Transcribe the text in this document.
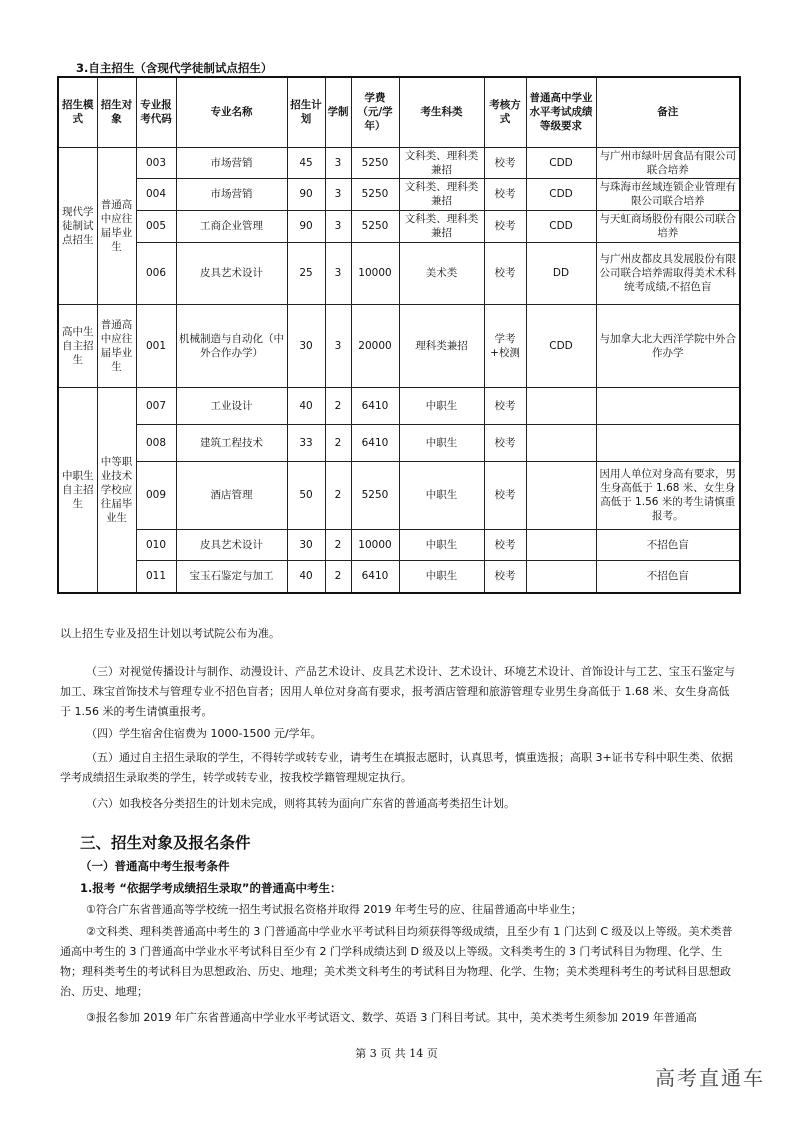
3.自主招生（含现代学徒制试点招生）
招生模式	招生对象	专业报考代码	专业名称	招生计划	学制	学费（元/学年）	考生科类	考核方式	普通高中学业水平考试成绩等级要求	备注
现代学徒制试点招生	普通高中应往届毕业生	003	市场营销	45	3	5250	文科类、理科类兼招	校考	CDD	与广州市绿叶居食品有限公司联合培养
		004	市场营销	90	3	5250	文科类、理科类兼招	校考	CDD	与珠海市丝域连锁企业管理有限公司联合培养
		005	工商企业管理	90	3	5250	文科类、理科类兼招	校考	CDD	与天虹商场股份有限公司联合培养
		006	皮具艺术设计	25	3	10000	美术类	校考	DD	与广州皮都皮具发展股份有限公司联合培养需取得美术术科统考成绩,不招色盲
高中生自主招生	普通高中应往届毕业生	001	机械制造与自动化（中外合作办学）	30	3	20000	理科类兼招	学考+校测	CDD	与加拿大北大西洋学院中外合作办学
中职生自主招生	中等职业技术学校应往届毕业生	007	工业设计	40	2	6410	中职生	校考		
		008	建筑工程技术	33	2	6410	中职生	校考		
		009	酒店管理	50	2	5250	中职生	校考		因用人单位对身高有要求，男生身高低于 1.68 米、女生身高低于 1.56 米的考生请慎重报考。
		010	皮具艺术设计	30	2	10000	中职生	校考		不招色盲
		011	宝玉石鉴定与加工	40	2	6410	中职生	校考		不招色盲
以上招生专业及招生计划以考试院公布为准。
（三）对视觉传播设计与制作、动漫设计、产品艺术设计、皮具艺术设计、艺术设计、环境艺术设计、首饰设计与工艺、宝玉石鉴定与加工、珠宝首饰技术与管理专业不招色盲者；因用人单位对身高有要求，报考酒店管理和旅游管理专业男生身高低于 1.68 米、女生身高低于 1.56 米的考生请慎重报考。
（四）学生宿舍住宿费为 1000-1500 元/学年。
（五）通过自主招生录取的学生，不得转学或转专业，请考生在填报志愿时，认真思考，慎重选报；高职 3+证书专科中职生类、依据学考成绩招生录取类的学生，转学或转专业，按我校学籍管理规定执行。
（六）如我校各分类招生的计划未完成，则将其转为面向广东省的普通高考类招生计划。
三、招生对象及报名条件
（一）普通高中考生报考条件
1.报考 “依据学考成绩招生录取”的普通高中考生：
①符合广东省普通高等学校统一招生考试报名资格并取得 2019 年考生号的应、往届普通高中毕业生；
②文科类、理科类普通高中考生的 3 门普通高中学业水平考试科目均须获得等级成绩，且至少有 1 门达到 C 级及以上等级。美术类普通高中考生的 3 门普通高中学业水平考试科目至少有 2 门学科成绩达到 D 级及以上等级。文科类考生的 3 门考试科目为物理、化学、生物；理科类考生的考试科目为思想政治、历史、地理；美术类文科考生的考试科目为物理、化学、生物；美术类理科考生的考试科目思想政治、历史、地理；
③报名参加 2019 年广东省普通高中学业水平考试语文、数学、英语 3 门科目考试。其中，美术类考生须参加 2019 年普通高
第 3 页 共 14 页
高考直通车
